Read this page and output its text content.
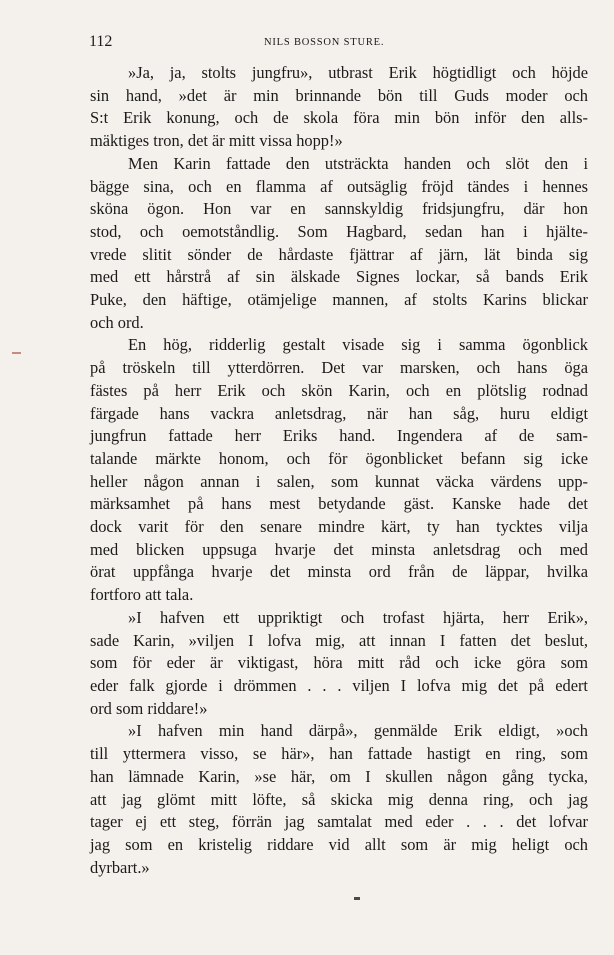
112	NILS BOSSON STURE.
»Ja, ja, stolts jungfru», utbrast Erik högtidligt och höjde
sin hand, »det är min brinnande bön till Guds moder och
S:t Erik konung, och de skola föra min bön inför den alls-
mäktiges tron, det är mitt vissa hopp!»
Men Karin fattade den utsträckta handen och slöt den i
bägge sina, och en flamma af outsäglig fröjd tändes i hennes
sköna ögon. Hon var en sannskyldig fridsjungfru, där hon
stod, och oemotståndlig. Som Hagbard, sedan han i hjälte-
vrede slitit sönder de hårdaste fjättrar af järn, lät binda sig
med ett hårstrå af sin älskade Signes lockar, så bands Erik
Puke, den häftige, otämjelige mannen, af stolts Karins blickar
och ord.
En hög, ridderlig gestalt visade sig i samma ögonblick
på tröskeln till ytterdörren. Det var marsken, och hans öga
fästes på herr Erik och skön Karin, och en plötslig rodnad
färgade hans vackra anletsdrag, när han såg, huru eldigt
jungfrun fattade herr Eriks hand. Ingendera af de sam-
talande märkte honom, och för ögonblicket befann sig icke
heller någon annan i salen, som kunnat väcka värdens upp-
märksamhet på hans mest betydande gäst. Kanske hade det
dock varit för den senare mindre kärt, ty han tycktes vilja
med blicken uppsuga hvarje det minsta anletsdrag och med
örat uppfånga hvarje det minsta ord från de läppar, hvilka
fortforo att tala.
»I hafven ett uppriktigt och trofast hjärta, herr Erik»,
sade Karin, »viljen I lofva mig, att innan I fatten det beslut,
som för eder är viktigast, höra mitt råd och icke göra som
eder falk gjorde i drömmen . . . viljen I lofva mig det på edert
ord som riddare!»
»I hafven min hand därpå», genmälde Erik eldigt, »och
till yttermera visso, se här», han fattade hastigt en ring, som
han lämnade Karin, »se här, om I skullen någon gång tycka,
att jag glömt mitt löfte, så skicka mig denna ring, och jag
tager ej ett steg, förrän jag samtalat med eder . . . det lofvar
jag som en kristelig riddare vid allt som är mig heligt och
dyrbart.»
